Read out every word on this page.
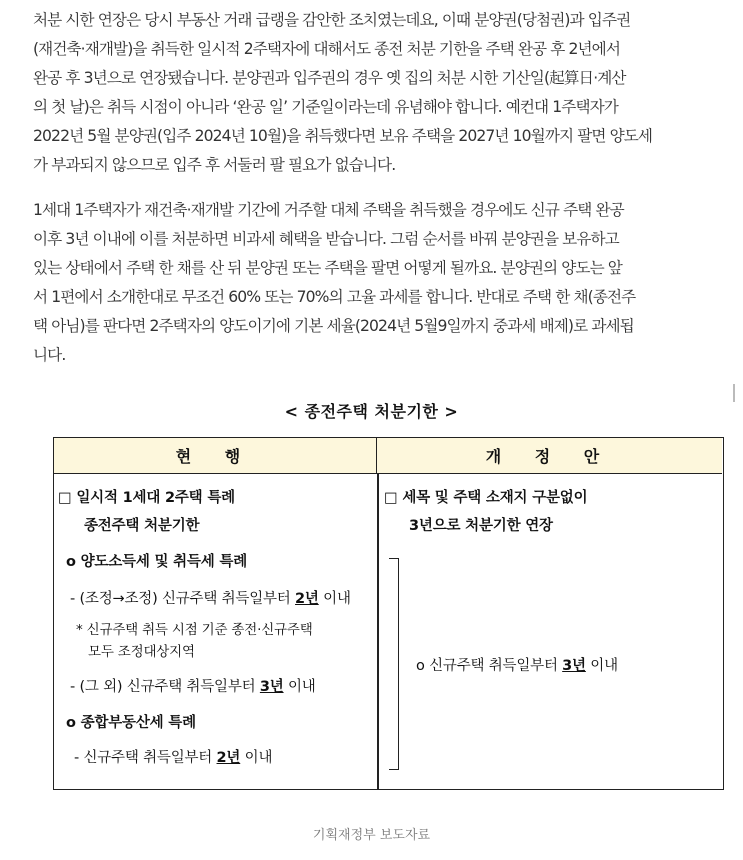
처분 시한 연장은 당시 부동산 거래 급랭을 감안한 조치였는데요, 이때 분양권(당첨권)과 입주권
(재건축·재개발)을 취득한 일시적 2주택자에 대해서도 종전 처분 기한을 주택 완공 후 2년에서
완공 후 3년으로 연장됐습니다. 분양권과 입주권의 경우 옛 집의 처분 시한 기산일(起算日·계산
의 첫 날)은 취득 시점이 아니라 ‘완공 일’ 기준일이라는데 유념해야 합니다. 예컨대 1주택자가
2022년 5월 분양권(입주 2024년 10월)을 취득했다면 보유 주택을 2027년 10월까지 팔면 양도세
가 부과되지 않으므로 입주 후 서둘러 팔 필요가 없습니다.
1세대 1주택자가 재건축·재개발 기간에 거주할 대체 주택을 취득했을 경우에도 신규 주택 완공
이후 3년 이내에 이를 처분하면 비과세 혜택을 받습니다. 그럼 순서를 바꿔 분양권을 보유하고
있는 상태에서 주택 한 채를 산 뒤 분양권 또는 주택을 팔면 어떻게 될까요. 분양권의 양도는 앞
서 1편에서 소개한대로 무조건 60% 또는 70%의 고율 과세를 합니다. 반대로 주택 한 채(종전주
택 아님)를 판다면 2주택자의 양도이기에 기본 세율(2024년 5월9일까지 중과세 배제)로 과세됩
니다.
< 종전주택 처분기한 >
현 행	개 정 안
□ 일시적 1세대 2주택 특례
종전주택 처분기한
ο 양도소득세 및 취득세 특례
- (조정→조정) 신규주택 취득일부터 2년 이내
* 신규주택 취득 시점 기준 종전·신규주택
모두 조정대상지역
- (그 외) 신규주택 취득일부터 3년 이내
ο 종합부동산세 특례
- 신규주택 취득일부터 2년 이내
□ 세목 및 주택 소재지 구분없이
3년으로 처분기한 연장
ο 신규주택 취득일부터 3년 이내
기획재정부 보도자료
